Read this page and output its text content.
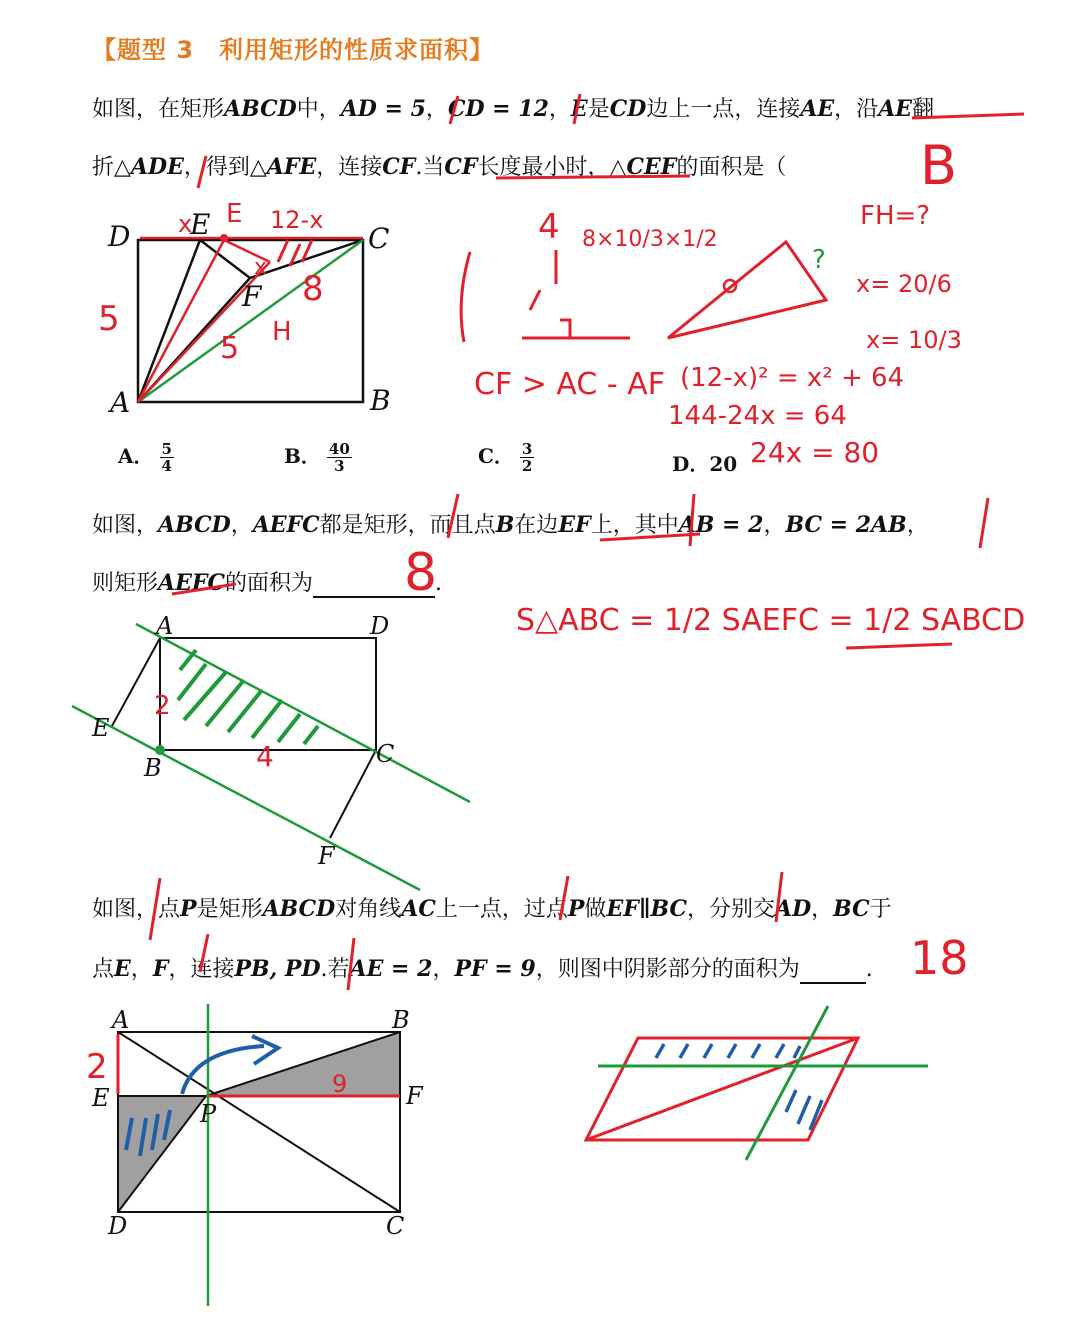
【题型 3　利用矩形的性质求面积】
如图，在矩形ABCD中，AD = 5，CD = 12，E是CD边上一点，连接AE，沿AE翻
折△ADE，得到△AFE，连接CF.当CF长度最小时，△CEF的面积是（
A． $\frac{5}{4}$	B． $\frac{40}{3}$	C． $\frac{3}{2}$	D．20
如图，ABCD，AEFC都是矩形，而且点B在边EF上，其中AB = 2，BC = 2AB，
则矩形AEFC的面积为	.
如图，点P是矩形ABCD对角线AC上一点，过点P做EF∥BC，分别交AD，BC于
点E，F，连接PB, PD.若AE = 2，PF = 9，则图中阴影部分的面积为	.
D E	C
F
A	B
E 12-x
x
x
8
5
5 H
4 8×10/3×1/2
?
FH=?
x= 20/6
x= 10/3
CF > AC - AF (12-x)² = x² + 64
144-24x = 64
24x = 80
B
A	D
E
B	C
F
2
4
8
S△ABC = 1/2 SAEFC = 1/2 SABCD
A	B
E
P
F
D	C
2	9
18
